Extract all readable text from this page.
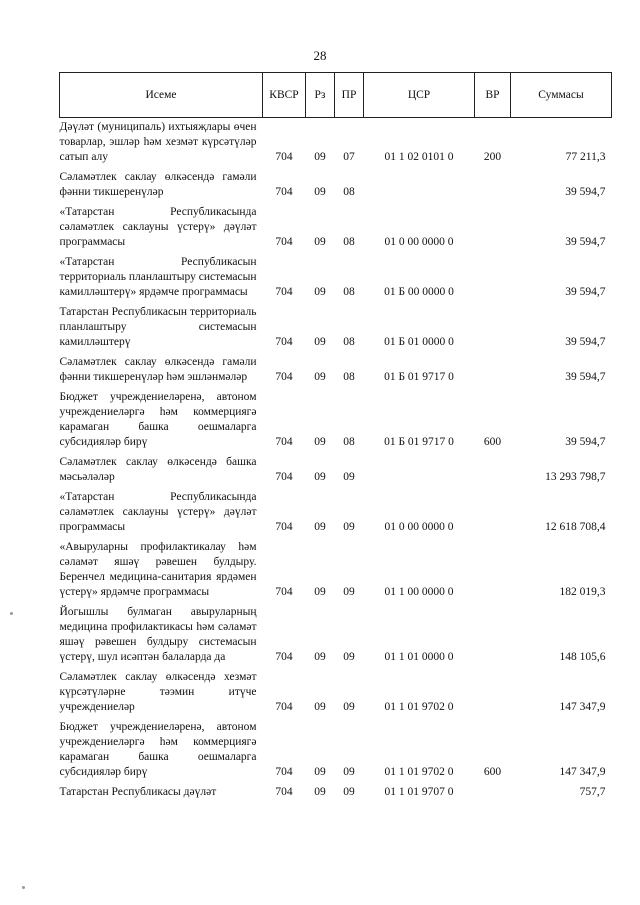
28
Исеме	КВСР	Рз	ПР	ЦСР	ВР	Суммасы
Дәүләт (муниципаль) ихтыяҗлары өчен товарлар, эшләр һәм хезмәт күрсәтүләр сатып алу	704	09	07	01 1 02 0101 0	200	77 211,3
Сәламәтлек саклау өлкәсендә гамәли фәнни тикшеренүләр	704	09	08			39 594,7
«Татарстан Республикасында сәламәтлек саклауны үстерү» дәүләт программасы	704	09	08	01 0 00 0000 0		39 594,7
«Татарстан Республикасын территориаль планлаштыру системасын камилләштерү» ярдәмче программасы	704	09	08	01 Б 00 0000 0		39 594,7
Татарстан Республикасын территориаль планлаштыру системасын камилләштерү	704	09	08	01 Б 01 0000 0		39 594,7
Сәламәтлек саклау өлкәсендә гамәли фәнни тикшеренүләр һәм эшләнмәләр	704	09	08	01 Б 01 9717 0		39 594,7
Бюджет учреждениеләренә, автоном учреждениеләргә һәм коммерциягә карамаган башка оешмаларга субсидияләр бирү	704	09	08	01 Б 01 9717 0	600	39 594,7
Сәламәтлек саклау өлкәсендә башка мәсьәләләр	704	09	09			13 293 798,7
«Татарстан Республикасында сәламәтлек саклауны үстерү» дәүләт программасы	704	09	09	01 0 00 0000 0		12 618 708,4
«Авыруларны профилактикалау һәм сәламәт яшәү рәвешен булдыру. Беренчел медицина-санитария ярдәмен үстерү» ярдәмче программасы	704	09	09	01 1 00 0000 0		182 019,3
Йогышлы булмаган авыруларның медицина профилактикасы һәм сәламәт яшәү рәвешен булдыру системасын үстерү, шул исәптән балаларда да	704	09	09	01 1 01 0000 0		148 105,6
Сәламәтлек саклау өлкәсендә хезмәт күрсәтүләрне тәэмин итүче учреждениеләр	704	09	09	01 1 01 9702 0		147 347,9
Бюджет учреждениеләренә, автоном учреждениеләргә һәм коммерциягә карамаган башка оешмаларга субсидияләр бирү	704	09	09	01 1 01 9702 0	600	147 347,9
Татарстан Республикасы дәүләт	704	09	09	01 1 01 9707 0		757,7
